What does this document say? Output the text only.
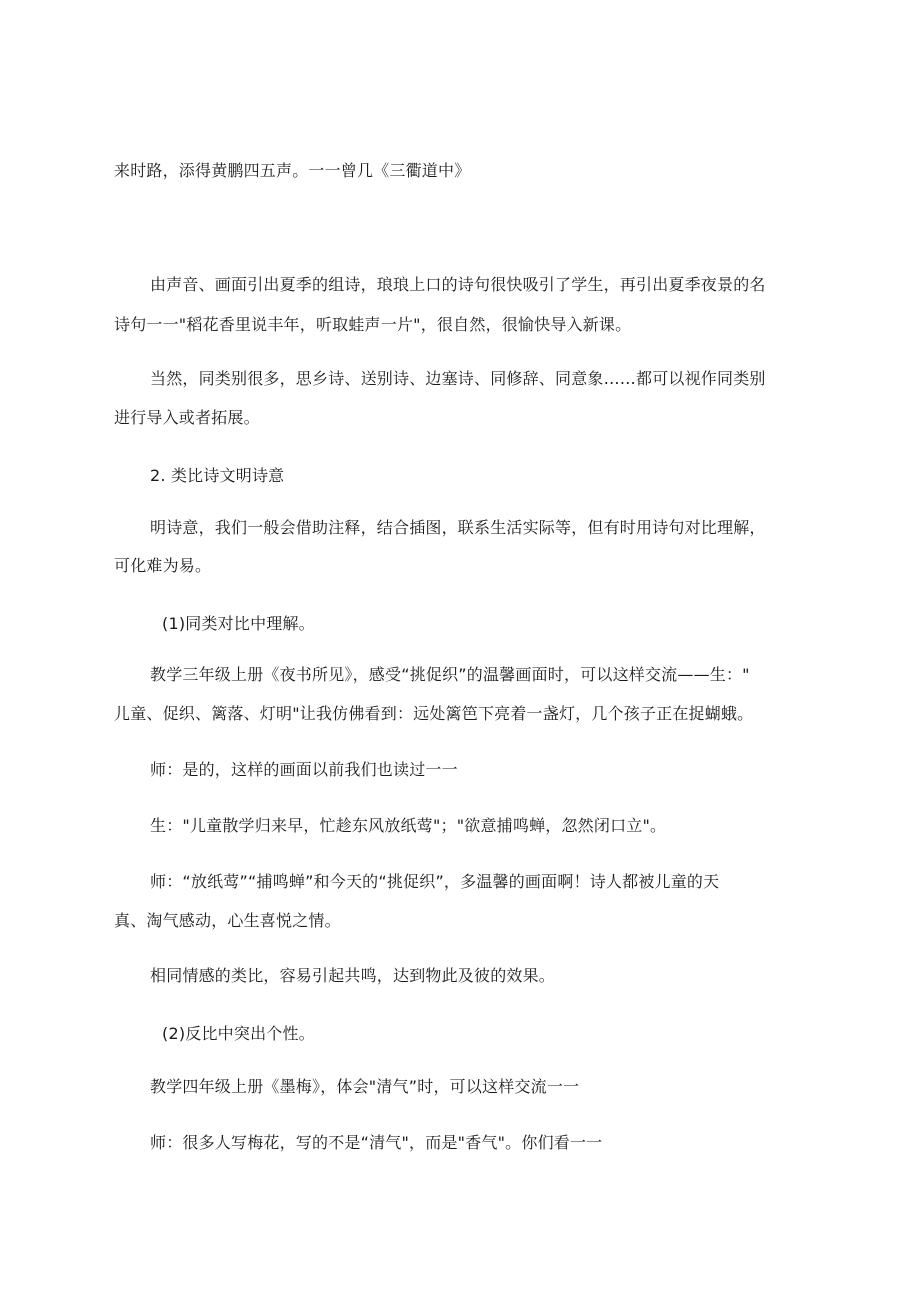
来时路，添得黄鹏四五声。一一曾几《三衢道中》
由声音、画面引出夏季的组诗，琅琅上口的诗句很快吸引了学生，再引出夏季夜景的名
诗句一一"稻花香里说丰年，听取蛙声一片"，很自然，很愉快导入新课。
当然，同类别很多，思乡诗、送别诗、边塞诗、同修辞、同意象……都可以视作同类别
进行导入或者拓展。
2. 类比诗文明诗意
明诗意，我们一般会借助注释，结合插图，联系生活实际等，但有时用诗句对比理解，
可化难为易。
(1)同类对比中理解。
教学三年级上册《夜书所见》，感受“挑促织”的温馨画面时，可以这样交流——生："
儿童、促织、篱落、灯明"让我仿佛看到：远处篱笆下亮着一盏灯，几个孩子正在捉蝴蛾。
师：是的，这样的画面以前我们也读过一一
生："儿童散学归来早，忙趁东风放纸莺"；"欲意捕鸣蝉，忽然闭口立"。
师：“放纸莺”“捕鸣蝉”和今天的“挑促织”，多温馨的画面啊！诗人都被儿童的天
真、淘气感动，心生喜悦之情。
相同情感的类比，容易引起共鸣，达到物此及彼的效果。
(2)反比中突出个性。
教学四年级上册《墨梅》，体会"清气”时，可以这样交流一一
师：很多人写梅花，写的不是“清气"，而是"香气"。你们看一一
